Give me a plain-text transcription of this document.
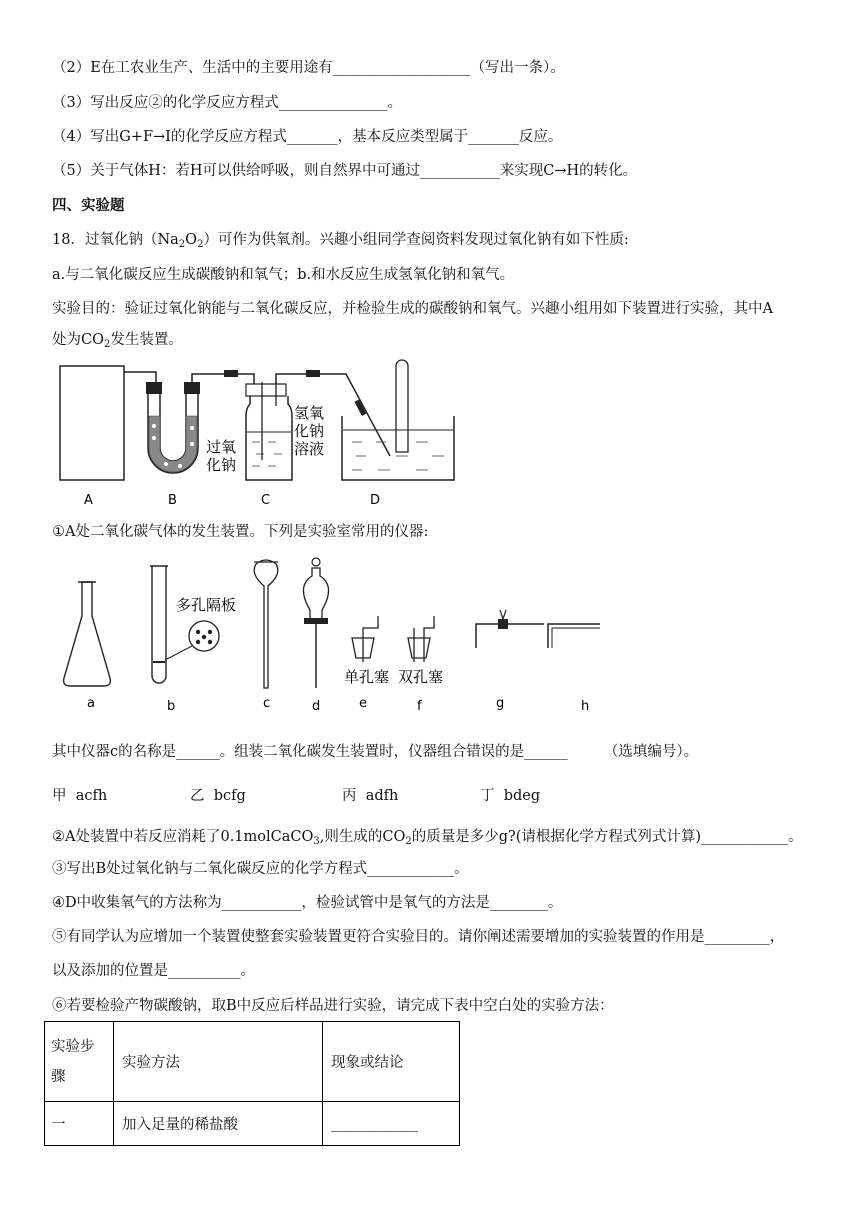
（2）E在工农业生产、生活中的主要用途有___________________（写出一条）。
（3）写出反应②的化学反应方程式_______________。
（4）写出G+F→I的化学反应方程式_______，基本反应类型属于_______反应。
（5）关于气体H：若H可以供给呼吸，则自然界中可通过___________来实现C→H的转化。
四、实验题
18．过氧化钠$(Na_2O_2)$可作为供氧剂。兴趣小组同学查阅资料发现过氧化钠有如下性质:
a.与二氧化碳反应生成碳酸钠和氧气；b.和水反应生成氢氧化钠和氧气。
实验目的：验证过氧化钠能与二氧化碳反应，并检验生成的碳酸钠和氧气。兴趣小组用如下装置进行实验，其中A
处为$CO_2$发生装置。
过氧
化钠
氢氧
化钠
溶液
A	B	C	D
①A处二氧化碳气体的发生装置。下列是实验室常用的仪器:
多孔隔板
单孔塞 双孔塞
a	b	c	d	e	f	g	h
其中仪器c的名称是______。组装二氧化碳发生装置时，仪器组合错误的是______　　　（选填编号）。
甲 acfh	乙 bcfg	丙 adfh	丁 bdeg
②A处装置中若反应消耗了0.1molCaCO$_3$,则生成的$CO_2$的质量是多少g?(请根据化学方程式列式计算)____________。
③写出B处过氧化钠与二氧化碳反应的化学方程式____________。
④D中收集氧气的方法称为___________，检验试管中是氧气的方法是________。
⑤有同学认为应增加一个装置使整套实验装置更符合实验目的。请你阐述需要增加的实验装置的作用是_________，
以及添加的位置是__________。
⑥若要检验产物碳酸钠，取B中反应后样品进行实验，请完成下表中空白处的实验方法：
实验步
骤	实验方法	现象或结论
一	加入足量的稀盐酸	____________
